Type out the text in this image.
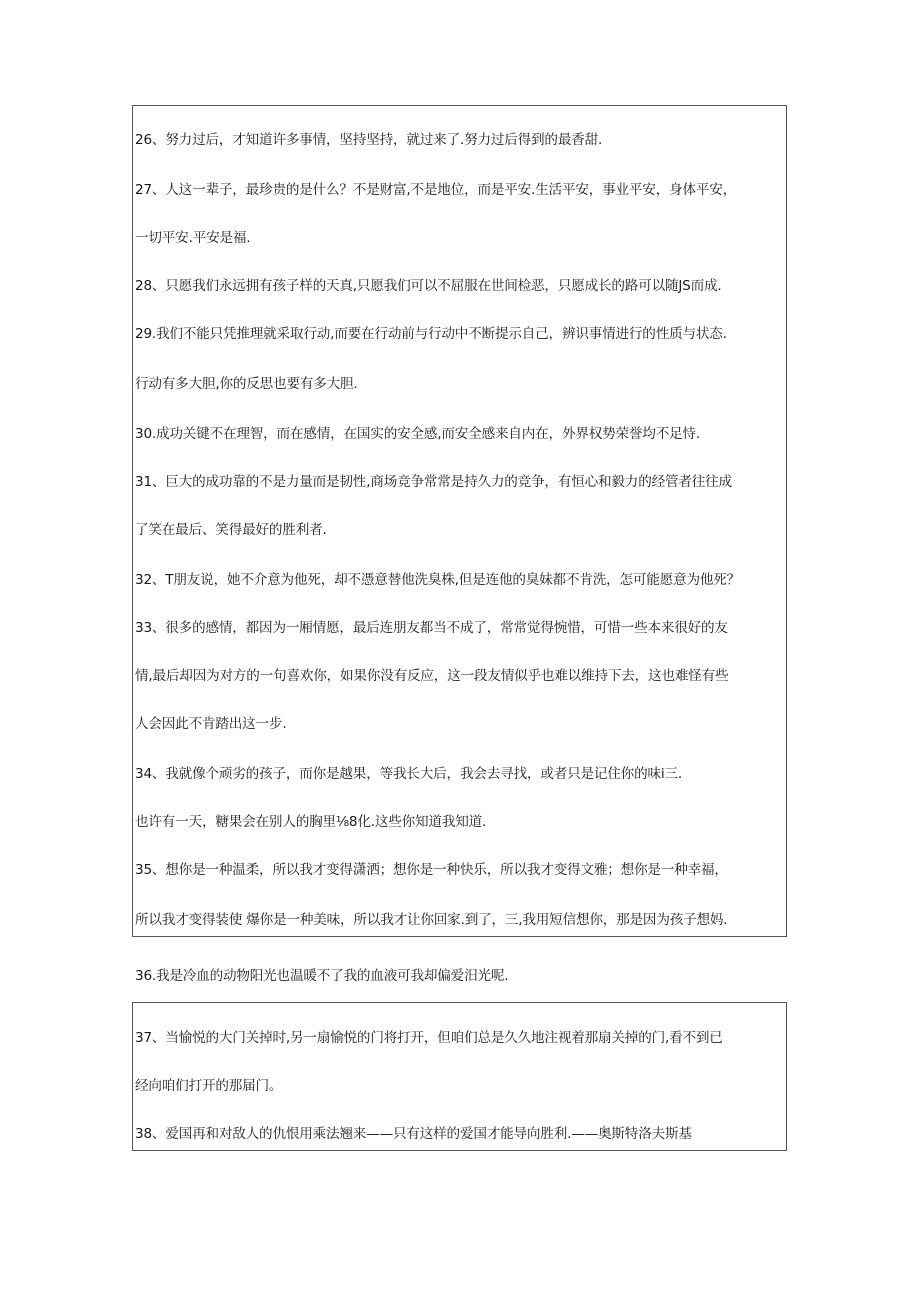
26、努力过后，才知道许多事情，坚持坚持，就过来了.努力过后得到的最香甜.
27、人这一辈子，最珍贵的是什么？不是财富,不是地位，而是平安.生活平安，事业平安，身体平安，
一切平安.平安是福.
28、只愿我们永远拥有孩子样的天真,只愿我们可以不屈服在世间检恶，只愿成长的路可以随JS而成.
29.我们不能只凭推理就采取行动,而要在行动前与行动中不断提示自己，辨识事情进行的性质与状态.
行动有多大胆,你的反思也要有多大胆.
30.成功关键不在理智，而在感情，在国实的安全感,而安全感来自内在，外界权势荣誉均不足恃.
31、巨大的成功靠的不是力量而是韧性,商场竞争常常是持久力的竞争，有恒心和毅力的经管者往往成
了笑在最后、笑得最好的胜利者.
32、T朋友说，她不介意为他死，却不憑意替他洗臭株,但是连他的臭妹都不肯洗，怎可能愿意为他死？
33、很多的感情，都因为一厢情愿，最后连朋友都当不成了，常常觉得惋惜，可惜一些本来很好的友
情,最后却因为对方的一句喜欢你，如果你没有反应，这一段友情似乎也难以维持下去，这也难怪有些
人会因此不肯踏出这一步.
34、我就像个顽劣的孩子，而你是越果，等我长大后，我会去寻找，或者只是记住你的味i三.
也许有一天，糖果会在别人的胸里⅛8化.这些你知道我知道.
35、想你是一种温柔，所以我才变得潇洒；想你是一种快乐，所以我才变得文雅；想你是一种幸福，
所以我才变得装使 爆你是一种美味，所以我才让你回家.到了，三,我用短信想你，那是因为孩子想妈.
36.我是冷血的动物阳光也温暖不了我的血液可我却偏爱汨光呢.
37、当愉悦的大门关掉时,另一扇愉悦的门将打开，但咱们总是久久地注视着那扇关掉的门,看不到已
经向咱们打开的那届门。
38、爱国再和对敌人的仇恨用乘法翘来——只有这样的爱国才能导向胜利.——奥斯特洛夫斯基
